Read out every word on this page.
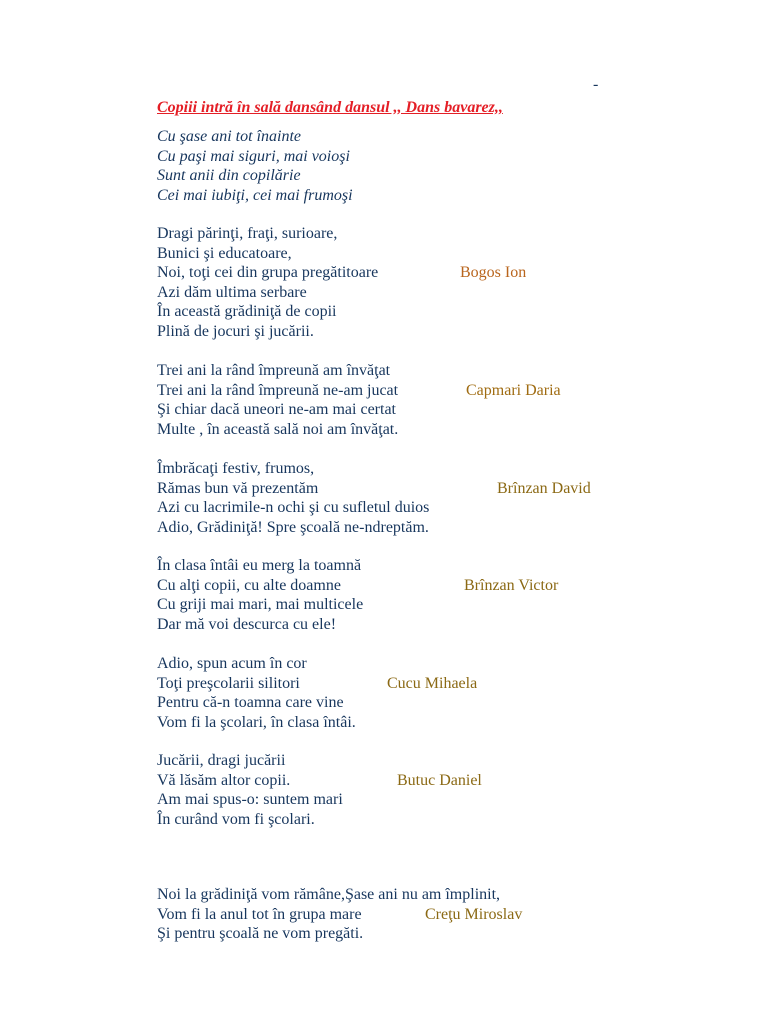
-
Copiii intră în sală dansând dansul ,, Dans bavarez,,
Cu şase ani tot înainte
Cu paşi mai siguri, mai voioşi
Sunt anii din copilărie
Cei mai iubiţi, cei mai frumoşi
Dragi părinţi, fraţi, surioare,
Bunici şi educatoare,
Noi, toţi cei din grupa pregătitoare	Bogos Ion
Azi dăm ultima serbare
În această grădiniţă de copii
Plină de jocuri şi jucării.
Trei ani la rând împreună am învăţat
Trei ani la rând împreună ne-am jucat	Capmari Daria
Şi chiar dacă uneori ne-am mai certat
Multe , în această sală noi am învăţat.
Îmbrăcaţi festiv, frumos,
Rămas bun vă prezentăm	Brînzan David
Azi cu lacrimile-n ochi şi cu sufletul duios
Adio, Grădiniţă! Spre şcoală ne-ndreptăm.
În clasa întâi eu merg la toamnă
Cu alţi copii, cu alte doamne	Brînzan Victor
Cu griji mai mari, mai multicele
Dar mă voi descurca cu ele!
Adio, spun acum în cor
Toţi preşcolarii silitori	Cucu Mihaela
Pentru că-n toamna care vine
Vom fi la şcolari, în clasa întâi.
Jucării, dragi jucării
Vă lăsăm altor copii.	Butuc Daniel
Am mai spus-o: suntem mari
În curând vom fi şcolari.
Noi la grădiniţă vom rămâne,Şase ani nu am împlinit,
Vom fi la anul tot în grupa mare	Creţu Miroslav
Şi pentru şcoală ne vom pregăti.
